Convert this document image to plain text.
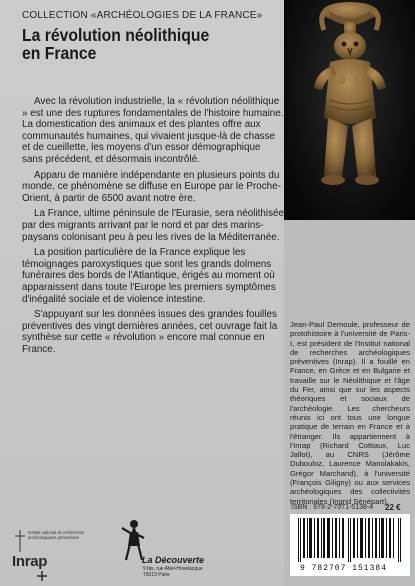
COLLECTION «ARCHÉOLOGIES DE LA FRANCE»
La révolution néolithique
en France

Avec la révolution industrielle, la « révolution néolithique » est une des ruptures fondamentales de l'histoire humaine. La domestication des animaux et des plantes offre aux communautés humaines, qui vivaient jusque-là de chasse et de cueillette, les moyens d'un essor démographique sans précédent, et désormais incontrôlé.

Apparu de manière indépendante en plusieurs points du monde, ce phénomène se diffuse en Europe par le Proche-Orient, à partir de 6500 avant notre ère.

La France, ultime péninsule de l'Eurasie, sera néolithisée par des migrants arrivant par le nord et par des marins-paysans colonisant peu à peu les rives de la Méditerranée.

La position particulière de la France explique les témoignages paroxystiques que sont les grands dolmens funéraires des bords de l'Atlantique, érigés au moment où apparaissent dans toute l'Europe les premiers symptômes d'inégalité sociale et de violence intestine.

S'appuyant sur les données issues des grandes fouilles préventives des vingt dernières années, cet ouvrage fait la synthèse sur cette « révolution » encore mal connue en France.

Jean-Paul Demoule, professeur de protohistoire à l'université de Paris-I, est président de l'Institut national de recherches archéologiques préventives (Inrap). Il a fouillé en France, en Grèce et en Bulgarie et travaille sur le Néolithique et l'âge du Fer, ainsi que sur les aspects théoriques et sociaux de l'archéologie. Les chercheurs réunis ici ont tous une longue pratique de terrain en France et à l'étranger. Ils appartiennent à l'Inrap (Richard Cottiaux, Luc Jallot), au CNRS (Jérôme Dubouloz, Laurence Manolakakis, Grégor Marchand), à l'université (François Giligny) ou aux services archéologiques des collectivités territoriales (Ingrid Sénépart).
ISBN : 978-2-7071-5138-4	22 €
9 782707 151384
Institut national de recherches archéologiques préventives
Inrap	La Découverte
9 bis, rue Abel-Hovelacque
75013 Paris
